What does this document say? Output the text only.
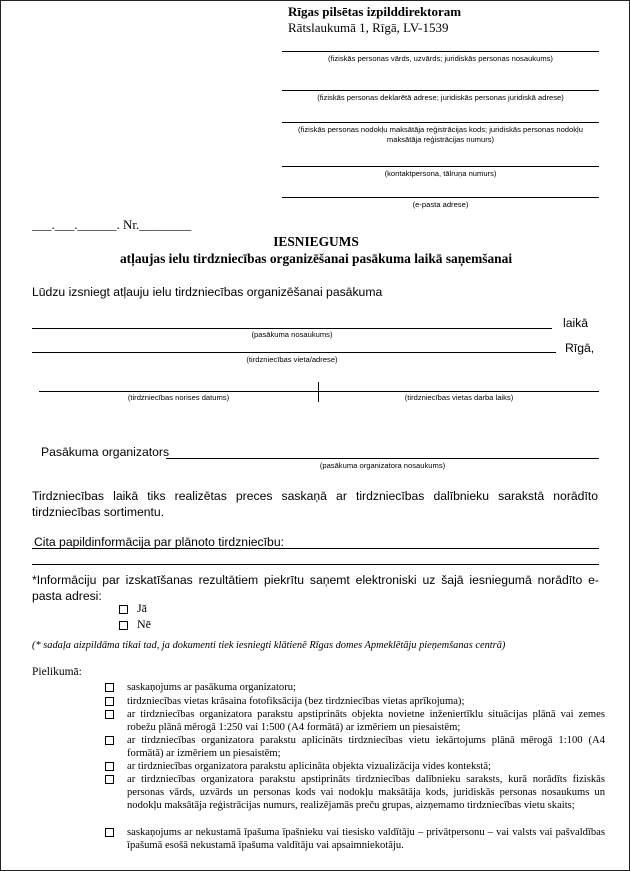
Rīgas pilsētas izpilddirektoram
Rātslaukumā 1, Rīgā, LV-1539
(fiziskās personas vārds, uzvārds; juridiskās personas nosaukums)
(fiziskās personas deklarētā adrese; juridiskās personas juridiskā adrese)
(fiziskās personas nodokļu maksātāja reģistrācijas kods; juridiskās personas nodokļu maksātāja reģistrācijas numurs)
(kontaktpersona, tālruņa numurs)
(e-pasta adrese)
___.___.______. Nr.________
IESNIEGUMS
atļaujas ielu tirdzniecības organizēšanai pasākuma laikā saņemšanai
Lūdzu izsniegt atļauju ielu tirdzniecības organizēšanai pasākuma
laikā
(pasākuma nosaukums)
Rīgā,
(tirdzniecības vieta/adrese)
(tirdzniecības norises datums)	(tirdzniecības vietas darba laiks)
Pasākuma organizators
(pasākuma organizatora nosaukums)
Tirdzniecības laikā tiks realizētas preces saskaņā ar tirdzniecības dalībnieku sarakstā norādīto tirdzniecības sortimentu.
Cita papildinformācija par plānoto tirdzniecību:
*Informāciju par izskatīšanas rezultātiem piekrītu saņemt elektroniski uz šajā iesniegumā norādīto e-pasta adresi:
Jā
Nē
(* sadaļa aizpildāma tikai tad, ja dokumenti tiek iesniegti klātienē Rīgas domes Apmeklētāju pieņemšanas centrā)
Pielikumā:
saskaņojums ar pasākuma organizatoru;
tirdzniecības vietas krāsaina fotofiksācija (bez tirdzniecības vietas aprīkojuma);
ar tirdzniecības organizatora parakstu apstiprināts objekta novietne inženiertīklu situācijas plānā vai zemes robežu plānā mērogā 1:250 vai 1:500 (A4 formātā) ar izmēriem un piesaistēm;
ar tirdzniecības organizatora parakstu aplicināts tirdzniecības vietu iekārtojums plānā mērogā 1:100 (A4 formātā) ar izmēriem un piesaistēm;
ar tirdzniecības organizatora parakstu aplicināta objekta vizualizācija vides kontekstā;
ar tirdzniecības organizatora parakstu apstiprināts tirdzniecības dalībnieku saraksts, kurā norādīts fiziskās personas vārds, uzvārds un personas kods vai nodokļu maksātāja kods, juridiskās personas nosaukums un nodokļu maksātāja reģistrācijas numurs, realizējamās preču grupas, aizņemamo tirdzniecības vietu skaits;
saskaņojums ar nekustamā īpašuma īpašnieku vai tiesisko valdītāju – privātpersonu – vai valsts vai pašvaldības īpašumā esošā nekustamā īpašuma valdītāju vai apsaimniekotāju.
